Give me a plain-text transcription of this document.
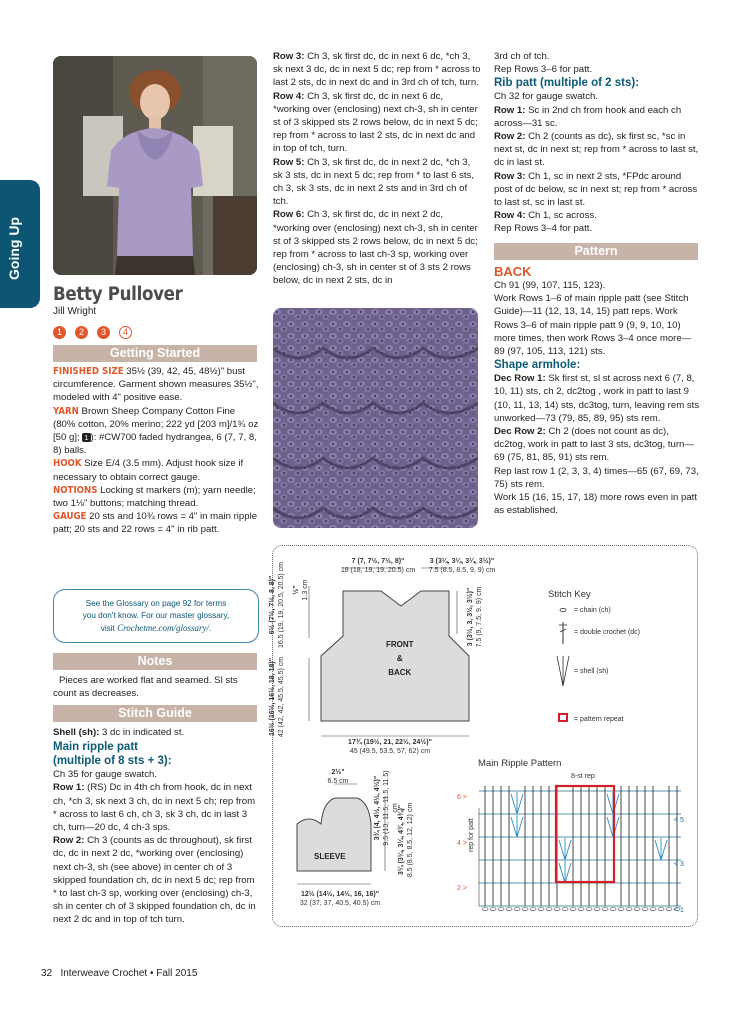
Going Up
Betty Pullover
Jill Wright
1 2 3 4
Getting Started

FINISHED SIZE 35½ (39, 42, 45, 48½)" bust circumference. Garment shown measures 35½", modeled with 4" positive ease.

YARN Brown Sheep Company Cotton Fine (80% cotton, 20% merino; 222 yd [203 m]/1¾ oz [50 g]; 1 ): #CW700 faded hydrangea, 6 (7, 7, 8, 8) balls.

HOOK Size E/4 (3.5 mm). Adjust hook size if necessary to obtain correct gauge.

NOTIONS Locking st markers (m); yarn needle; two 1⅛" buttons; matching thread.

GAUGE 20 sts and 10¾ rows = 4" in main ripple patt; 20 sts and 22 rows = 4" in rib patt.

See the Glossary on page 92 for terms
you don't know. For our master glossary,
visit Crochetme.com/glossary/.
Notes

Pieces are worked flat and seamed. Sl sts count as decreases.

Stitch Guide

Shell (sh): 3 dc in indicated st.

Main ripple patt
(multiple of 8 sts + 3):

Ch 35 for gauge swatch.

Row 1: (RS) Dc in 4th ch from hook, dc in next ch, *ch 3, sk next 3 ch, dc in next 5 ch; rep from * across to last 6 ch, ch 3, sk 3 ch, dc in last 3 ch, turn—20 dc, 4 ch-3 sps.

Row 2: Ch 3 (counts as dc throughout), sk first dc, dc in next 2 dc, *working over (enclosing) next ch-3, sh (see above) in center ch of 3 skipped foundation ch, dc in next 5 dc; rep from * to last ch-3 sp, working over (enclosing) ch-3, sh in center ch of 3 skipped foundation ch, dc in next 2 dc and in top of tch turn.

Row 3: Ch 3, sk first dc, dc in next 6 dc, *ch 3, sk next 3 dc, dc in next 5 dc; rep from * across to last 2 sts, dc in next dc and in 3rd ch of tch, turn.

Row 4: Ch 3, sk first dc, dc in next 6 dc, *working over (enclosing) next ch-3, sh in center st of 3 skipped sts 2 rows below, dc in next 5 dc; rep from * across to last 2 sts, dc in next dc and in top of tch, turn.

Row 5: Ch 3, sk first dc, dc in next 2 dc, *ch 3, sk 3 sts, dc in next 5 dc; rep from * to last 6 sts, ch 3, sk 3 sts, dc in next 2 sts and in 3rd ch of tch.

Row 6: Ch 3, sk first dc, dc in next 2 dc, *working over (enclosing) next ch-3, sh in center st of 3 skipped sts 2 rows below, dc in next 5 dc; rep from * across to last ch-3 sp, working over (enclosing) ch-3, sh in center st of 3 sts 2 rows below, dc in next 2 sts, dc in

3rd ch of tch.

Rep Rows 3–6 for patt.

Rib patt (multiple of 2 sts):

Ch 32 for gauge swatch.

Row 1: Sc in 2nd ch from hook and each ch across—31 sc.

Row 2: Ch 2 (counts as dc), sk first sc, *sc in next st, dc in next st; rep from * across to last st, dc in last st.

Row 3: Ch 1, sc in next 2 sts, *FPdc around post of dc below, sc in next st; rep from * across to last st, sc in last st.

Row 4: Ch 1, sc across.

Rep Rows 3–4 for patt.

Pattern
BACK

Ch 91 (99, 107, 115, 123).

Work Rows 1–6 of main ripple patt (see Stitch Guide)—11 (12, 13, 14, 15) patt reps. Work Rows 3–6 of main ripple patt 9 (9, 9, 10, 10) more times, then work Rows 3–4 once more—89 (97, 105, 113, 121) sts.

Shape armhole:

Dec Row 1: Sk first st, sl st across next 6 (7, 8, 10, 11) sts, ch 2, dc2tog , work in patt to last 9 (10, 11, 13, 14) sts, dc3tog, turn, leaving rem sts unworked—73 (79, 85, 89, 95) sts rem.

Dec Row 2: Ch 2 (does not count as dc), dc2tog, work in patt to last 3 sts, dc3tog, turn—69 (75, 81, 85, 91) sts rem.

Rep last row 1 (2, 3, 3, 4) times—65 (67, 69, 73, 75) sts rem.

Work 15 (16, 15, 17, 18) more rows even in patt as established.

7 (7, 7½, 7½, 8)"
18 (18, 19, 19, 20.5) cm
3 (3¼, 3¼, 3¼, 3½)"
7.5 (8.5, 8.5, 9, 9) cm
FRONT
&
BACK
6½ (7½, 7½, 8, 8)" 16.5 (19, 19, 20.5, 20.5) cm ½" 1.3 cm
16½ (16½, 16½, 18, 18)" 42 (42, 42, 45.5, 45.5) cm
3 (3½, 3, 3½, 3½)" 7.5 (9, 7.5, 9, 9) cm
17¾ (19½, 21, 22½, 24½)"
45 (49.5, 53.5, 57, 62) cm
SLEEVE
2½"
6.5 cm	3¾ (4, 4½, 4½, 4½)" 9.5 (10, 11.5, 11.5, 11.5) cm 3¼ (3¼, 3¼, 4¾, 4¾)" 8.5 (8.5, 8.5, 12, 12) cm
12½ (14½, 14½, 16, 16)"
32 (37, 37, 40.5, 40.5) cm
Stitch Key
= chain (ch)
= double crochet (dc)
= shell (sh)
= pattern repeat
Main Ripple Pattern
8-st rep
rep for patt
6 >
4 >
2 >
< 5
< 3
< 1
32 Interweave Crochet • Fall 2015
